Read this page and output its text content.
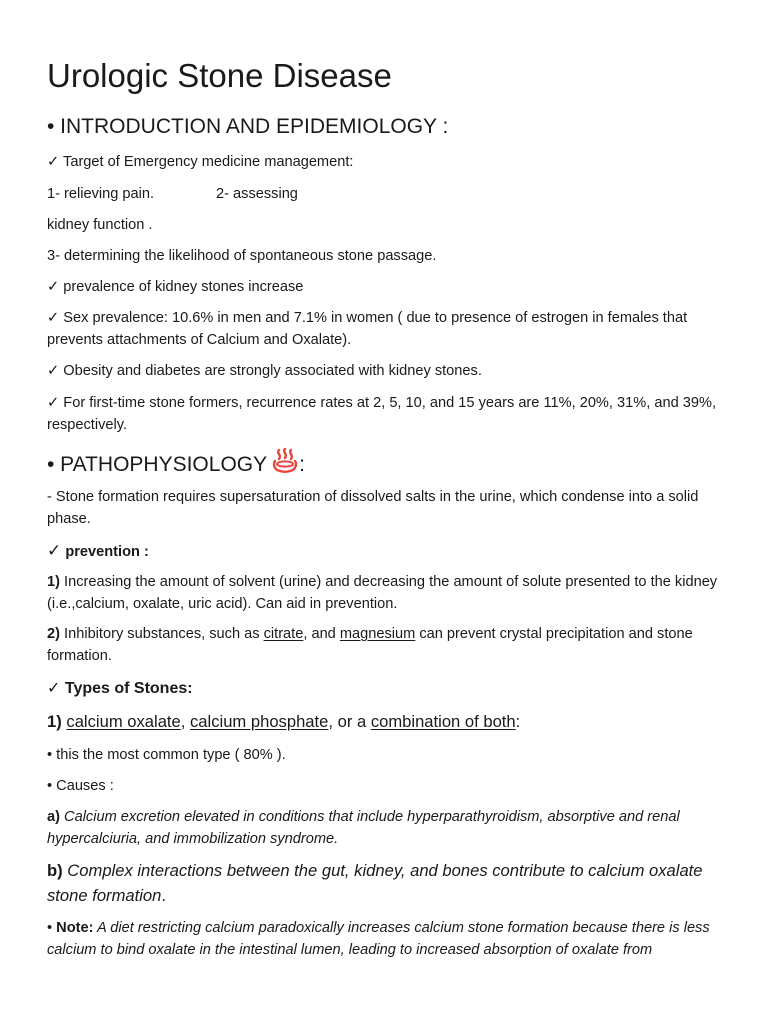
Urologic Stone Disease
• INTRODUCTION AND EPIDEMIOLOGY :

✓ Target of Emergency medicine management:

1- relieving pain.	2- assessing

kidney function .

3- determining the likelihood of spontaneous stone passage.

✓ prevalence of kidney stones increase

✓ Sex prevalence: 10.6% in men and 7.1% in women ( due to presence of estrogen in females that prevents attachments of Calcium and Oxalate).

✓ Obesity and diabetes are strongly associated with kidney stones.

✓ For first-time stone formers, recurrence rates at 2, 5, 10, and 15 years are 11%, 20%, 31%, and 39%, respectively.

• PATHOPHYSIOLOGY :

- Stone formation requires supersaturation of dissolved salts in the urine, which condense into a solid phase.

✓ prevention :

1) Increasing the amount of solvent (urine) and decreasing the amount of solute presented to the kidney (i.e.,calcium, oxalate, uric acid). Can aid in prevention.

2) Inhibitory substances, such as citrate, and magnesium can prevent crystal precipitation and stone formation.

✓ Types of Stones:

1) calcium oxalate, calcium phosphate, or a combination of both:

• this the most common type ( 80% ).

• Causes :

a) Calcium excretion elevated in conditions that include hyperparathyroidism, absorptive and renal hypercalciuria, and immobilization syndrome.

b) Complex interactions between the gut, kidney, and bones contribute to calcium oxalate stone formation.

• Note: A diet restricting calcium paradoxically increases calcium stone formation because there is less calcium to bind oxalate in the intestinal lumen, leading to increased absorption of oxalate from
